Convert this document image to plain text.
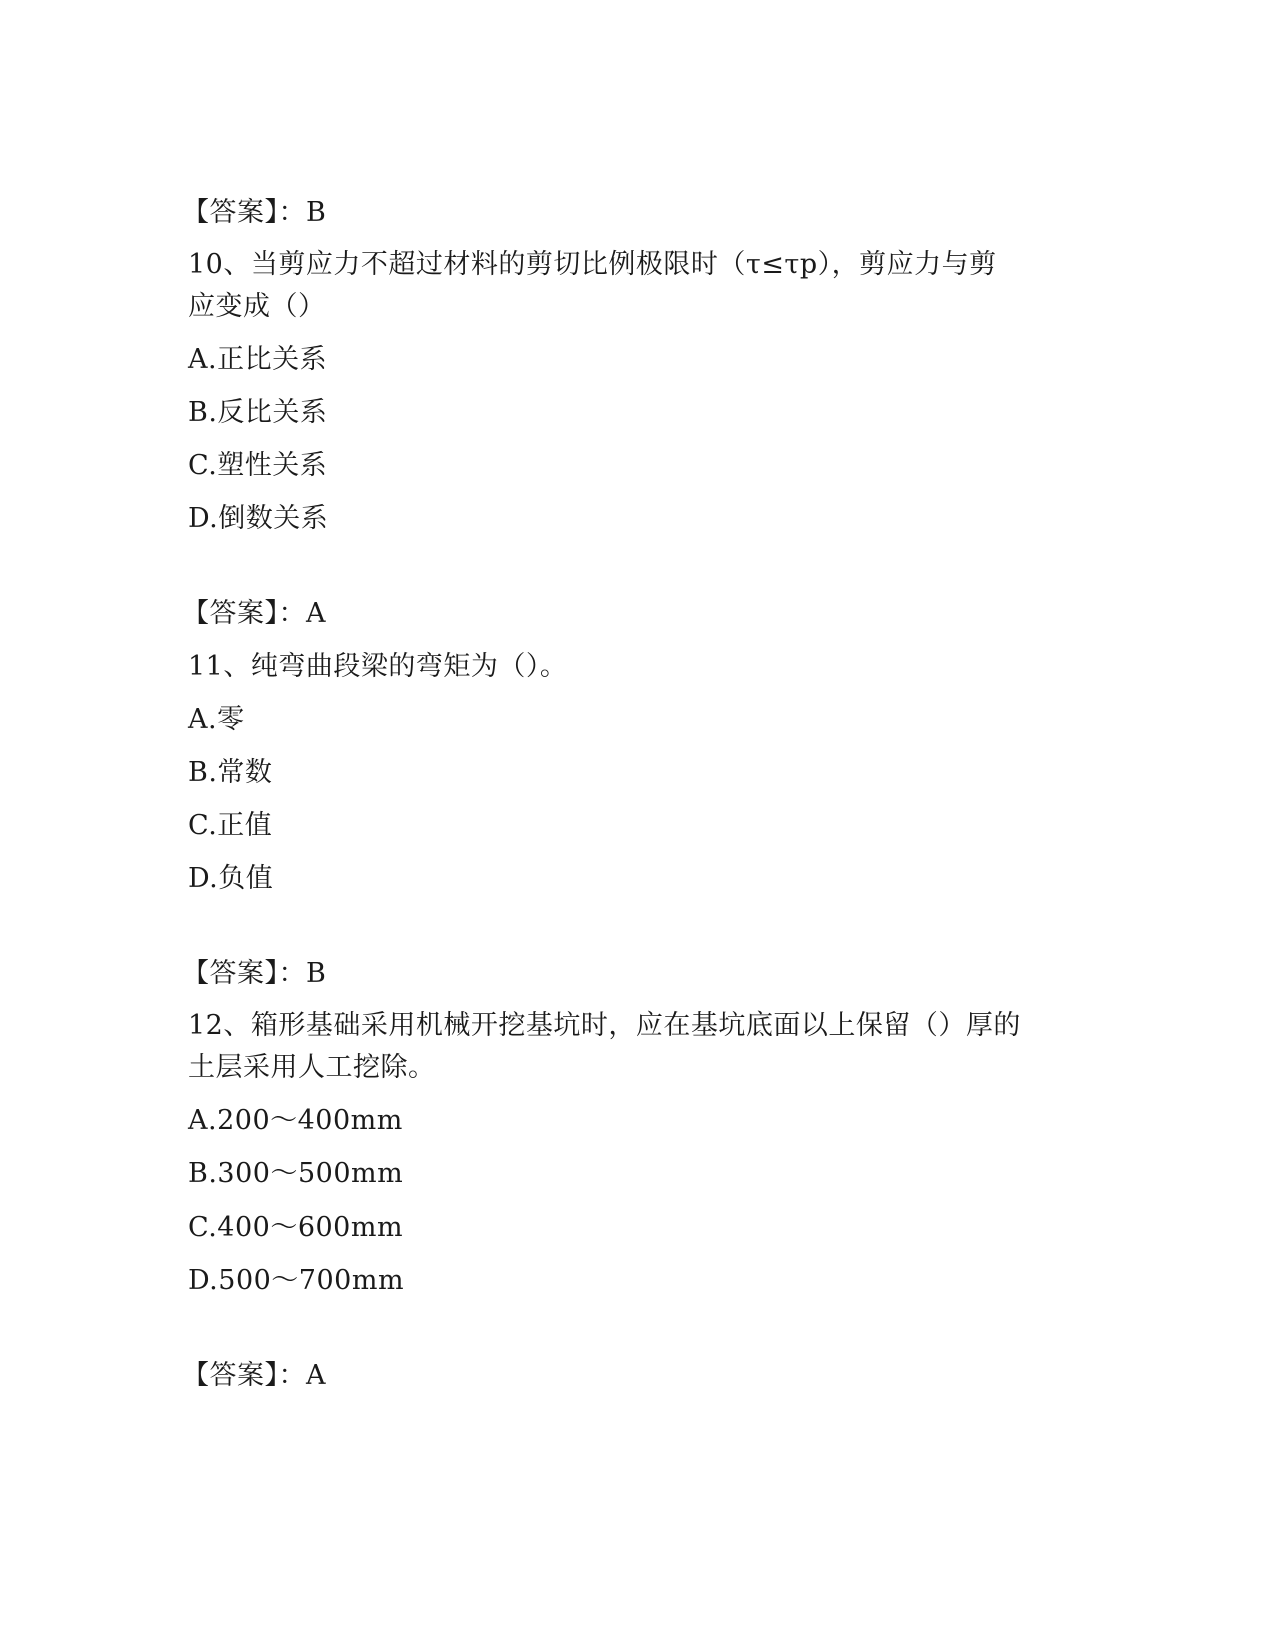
【答案】：B
10、当剪应力不超过材料的剪切比例极限时（τ≤τp），剪应力与剪
应变成（）
A.正比关系
B.反比关系
C.塑性关系
D.倒数关系
【答案】：A
11、纯弯曲段梁的弯矩为（）。
A.零
B.常数
C.正值
D.负值
【答案】：B
12、箱形基础采用机械开挖基坑时，应在基坑底面以上保留（）厚的
土层采用人工挖除。
A.200～400mm
B.300～500mm
C.400～600mm
D.500～700mm
【答案】：A
